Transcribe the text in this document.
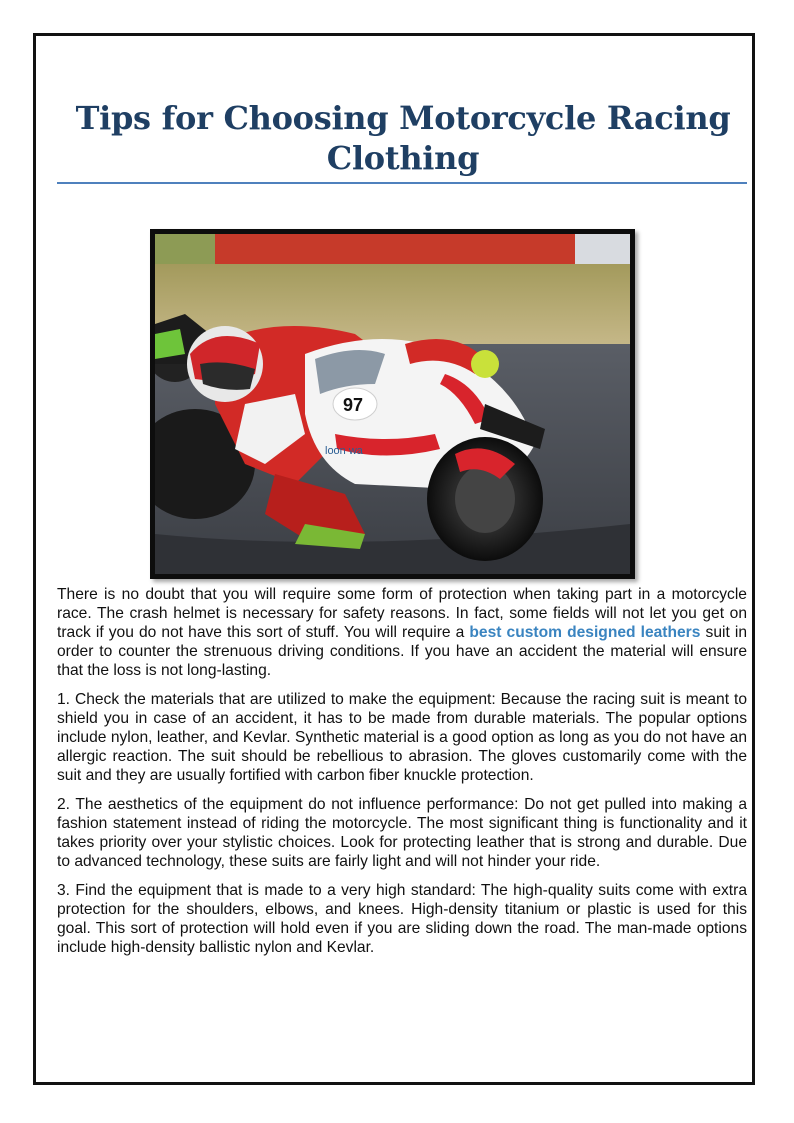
Tips for Choosing Motorcycle Racing Clothing
97
loon wa

There is no doubt that you will require some form of protection when taking part in a motorcycle race. The crash helmet is necessary for safety reasons. In fact, some fields will not let you get on track if you do not have this sort of stuff. You will require a best custom designed leathers suit in order to counter the strenuous driving conditions. If you have an accident the material will ensure that the loss is not long-lasting.

1. Check the materials that are utilized to make the equipment: Because the racing suit is meant to shield you in case of an accident, it has to be made from durable materials. The popular options include nylon, leather, and Kevlar. Synthetic material is a good option as long as you do not have an allergic reaction. The suit should be rebellious to abrasion. The gloves customarily come with the suit and they are usually fortified with carbon fiber knuckle protection.

2. The aesthetics of the equipment do not influence performance: Do not get pulled into making a fashion statement instead of riding the motorcycle. The most significant thing is functionality and it takes priority over your stylistic choices. Look for protecting leather that is strong and durable. Due to advanced technology, these suits are fairly light and will not hinder your ride.

3. Find the equipment that is made to a very high standard: The high-quality suits come with extra protection for the shoulders, elbows, and knees. High-density titanium or plastic is used for this goal. This sort of protection will hold even if you are sliding down the road. The man-made options include high-density ballistic nylon and Kevlar.
